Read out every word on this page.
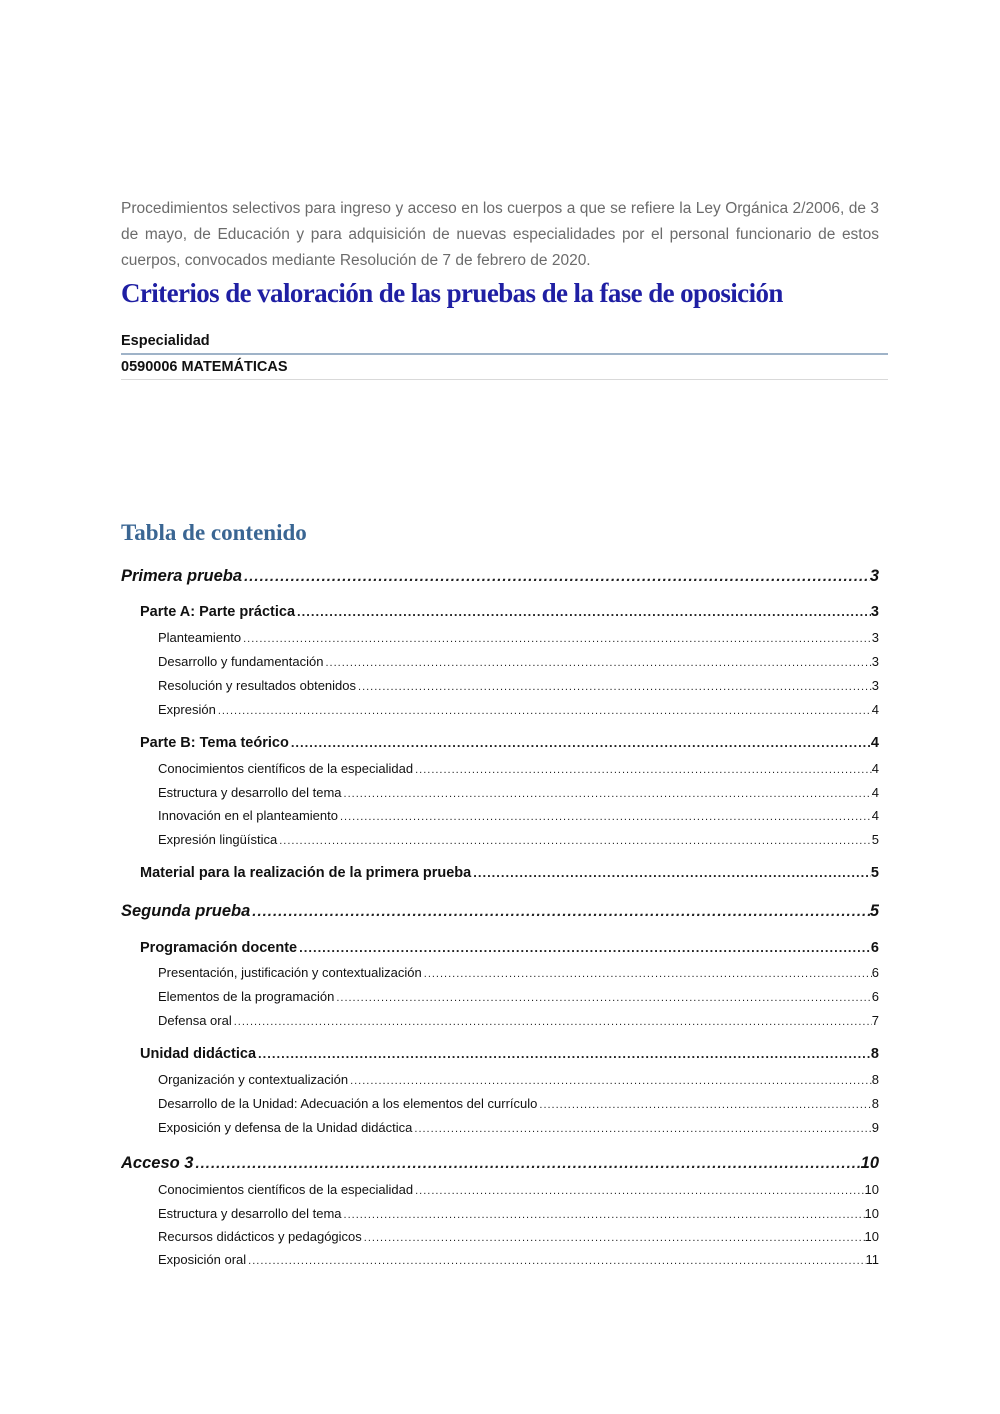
Procedimientos selectivos para ingreso y acceso en los cuerpos a que se refiere la Ley Orgánica 2/2006, de 3 de mayo, de Educación y para adquisición de nuevas especialidades por el personal funcionario de estos cuerpos, convocados mediante Resolución de 7 de febrero de 2020.

Criterios de valoración de las pruebas de la fase de oposición
Especialidad
0590006 MATEMÁTICAS
Tabla de contenido
Primera prueba .....	3
Parte A: Parte práctica .....	3
Planteamiento .....	3
Desarrollo y fundamentación .....	3
Resolución y resultados obtenidos .....	3
Expresión .....	4
Parte B: Tema teórico .....	4
Conocimientos científicos de la especialidad .....	4
Estructura y desarrollo del tema .....	4
Innovación en el planteamiento .....	4
Expresión lingüística .....	5
Material para la realización de la primera prueba .....	5
Segunda prueba .....	5
Programación docente .....	6
Presentación, justificación y contextualización .....	6
Elementos de la programación .....	6
Defensa oral .....	7
Unidad didáctica .....	8
Organización y contextualización .....	8
Desarrollo de la Unidad: Adecuación a los elementos del currículo .....	8
Exposición y defensa de la Unidad didáctica .....	9
Acceso 3 .....	10
Conocimientos científicos de la especialidad .....	10
Estructura y desarrollo del tema .....	10
Recursos didácticos y pedagógicos .....	10
Exposición oral .....	11
